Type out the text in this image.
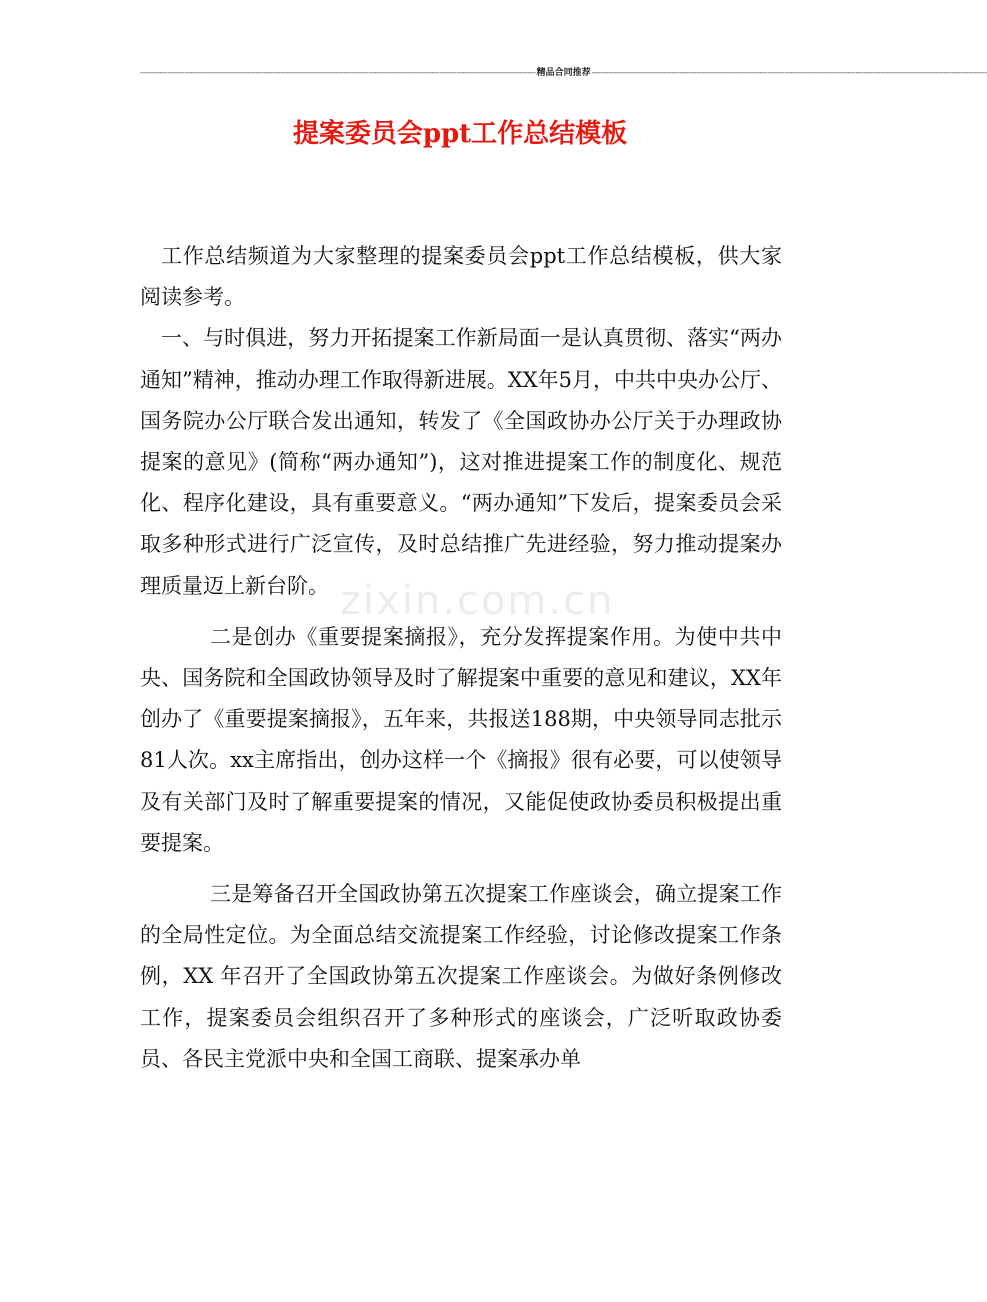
------------------------------------------------------------------------------------------------------------------------------------------------ 精品合同推荐 ------------------------------------------------------------------------------------------------------------------------------------------------
提案委员会ppt工作总结模板
zixin.com.cn

工作总结频道为大家整理的提案委员会ppt工作总结模板，供大家阅读参考。

一、与时俱进，努力开拓提案工作新局面一是认真贯彻、落实“两办通知”精神，推动办理工作取得新进展。XX年5月，中共中央办公厅、国务院办公厅联合发出通知，转发了《全国政协办公厅关于办理政协提案的意见》(简称“两办通知”)，这对推进提案工作的制度化、规范化、程序化建设，具有重要意义。“两办通知”下发后，提案委员会采取多种形式进行广泛宣传，及时总结推广先进经验，努力推动提案办理质量迈上新台阶。

二是创办《重要提案摘报》，充分发挥提案作用。为使中共中央、国务院和全国政协领导及时了解提案中重要的意见和建议，XX年创办了《重要提案摘报》，五年来，共报送188期，中央领导同志批示81人次。xx主席指出，创办这样一个《摘报》很有必要，可以使领导及有关部门及时了解重要提案的情况，又能促使政协委员积极提出重要提案。

三是筹备召开全国政协第五次提案工作座谈会，确立提案工作的全局性定位。为全面总结交流提案工作经验，讨论修改提案工作条例，XX 年召开了全国政协第五次提案工作座谈会。为做好条例修改工作，提案委员会组织召开了多种形式的座谈会，广泛听取政协委员、各民主党派中央和全国工商联、提案承办单
